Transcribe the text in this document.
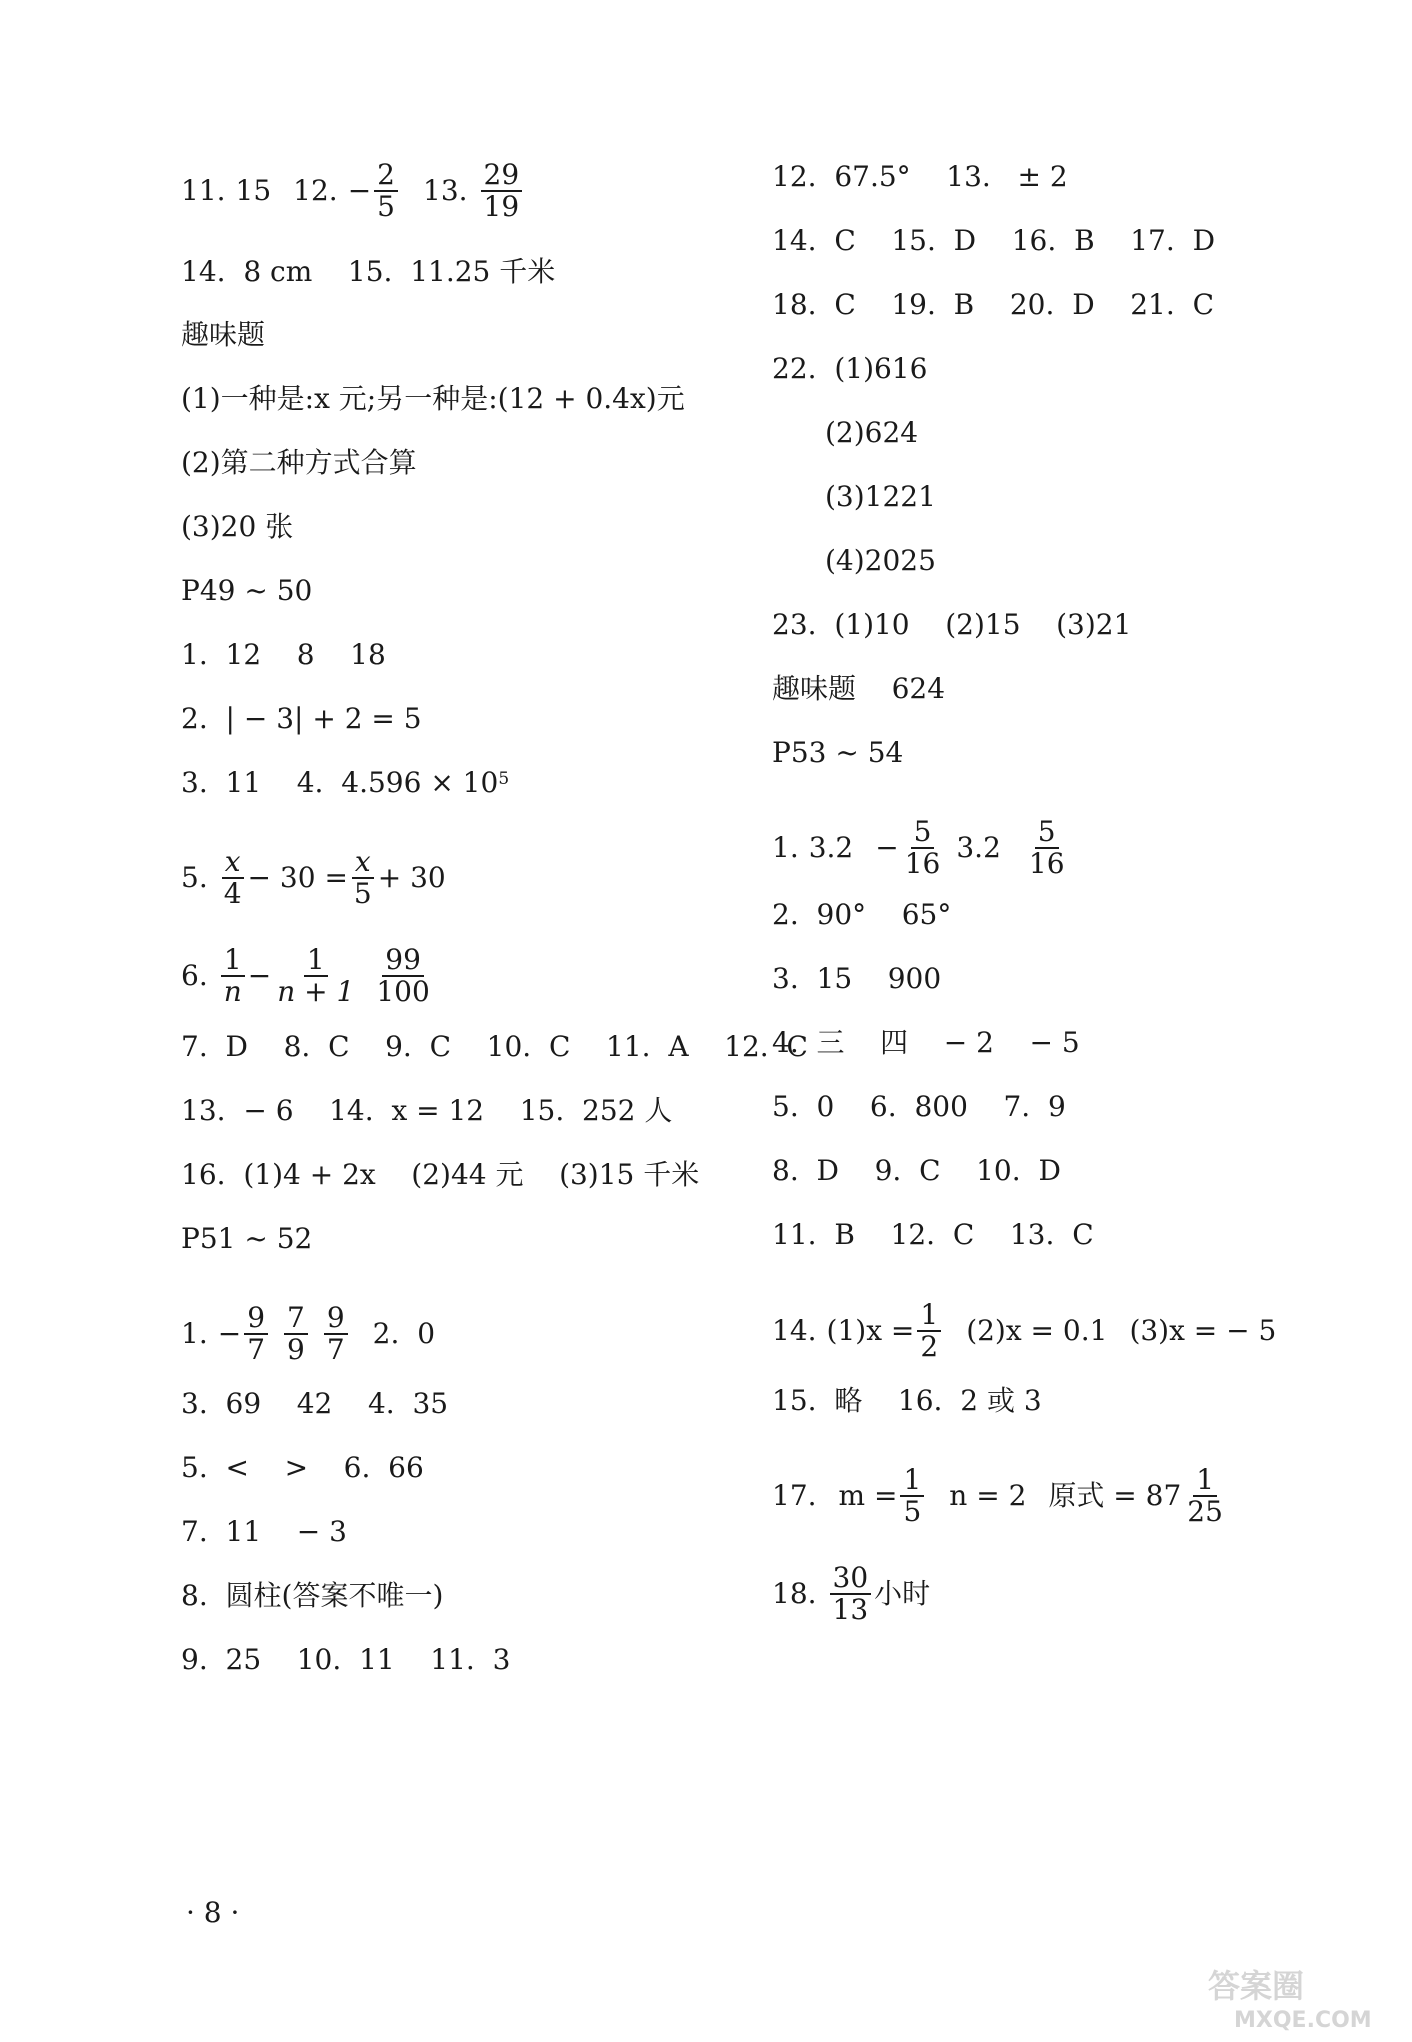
11. 15 12. − $\frac{2}{5} 13$. $\frac{29}{19}$
14.  8 cm    15.  11.25 千米
趣味题
(1)一种是:x 元;另一种是:(12 + 0.4x)元
(2)第二种方式合算
(3)20 张
P49 ~ 50
1.  12    8    18
2.  | − 3| + 2 = 5
3.  11    4.  $4.596 \times 10^5$
5. $\frac{x}{4} - 30 = \frac{x}{5} + 30$
6. $\frac{1}{n} - \frac{1}{n + 1} \frac{99}{100}$
7.  D    8.  C    9.  C    10.  C    11.  A    12.  C
13.  − 6    14.  x = 12    15.  252 人
16.  (1)4 + 2x    (2)44 元    (3)15 千米
P51 ~ 52
1. − $\frac{9}{7} \frac{7}{9} \frac{9}{7} 2$.  0
3.  69    42    4.  35
5.  <    >    6.  66
7.  11    − 3
8.  圆柱(答案不唯一)
9.  25    10.  11    11.  3
12.  67.5°    13.   ± 2
14.  C    15.  D    16.  B    17.  D
18.  C    19.  B    20.  D    21.  C
22.  (1)616
(2)624
(3)1221
(4)2025
23.  (1)10    (2)15    (3)21
趣味题    624
P53 ~ 54
1. $3.2 - \frac{5}{16} 3.2 \frac{5}{16}$
2.  90°    65°
3.  15    900
4.  三    四    − 2    − 5
5.  0    6.  800    7.  9
8.  D    9.  C    10.  D
11.  B    12.  C    13.  C
14. $(1)x = \frac{1}{2} (2)x = 0.1$ (3)x = − 5
15.  略    16.  2 或 3
17. $m = \frac{1}{5}$ n = 2 原式 = $87 \frac{1}{25}$
18. $\frac{30}{13}$ 小时
· 8 ·
答案圈
MXQE.COM
